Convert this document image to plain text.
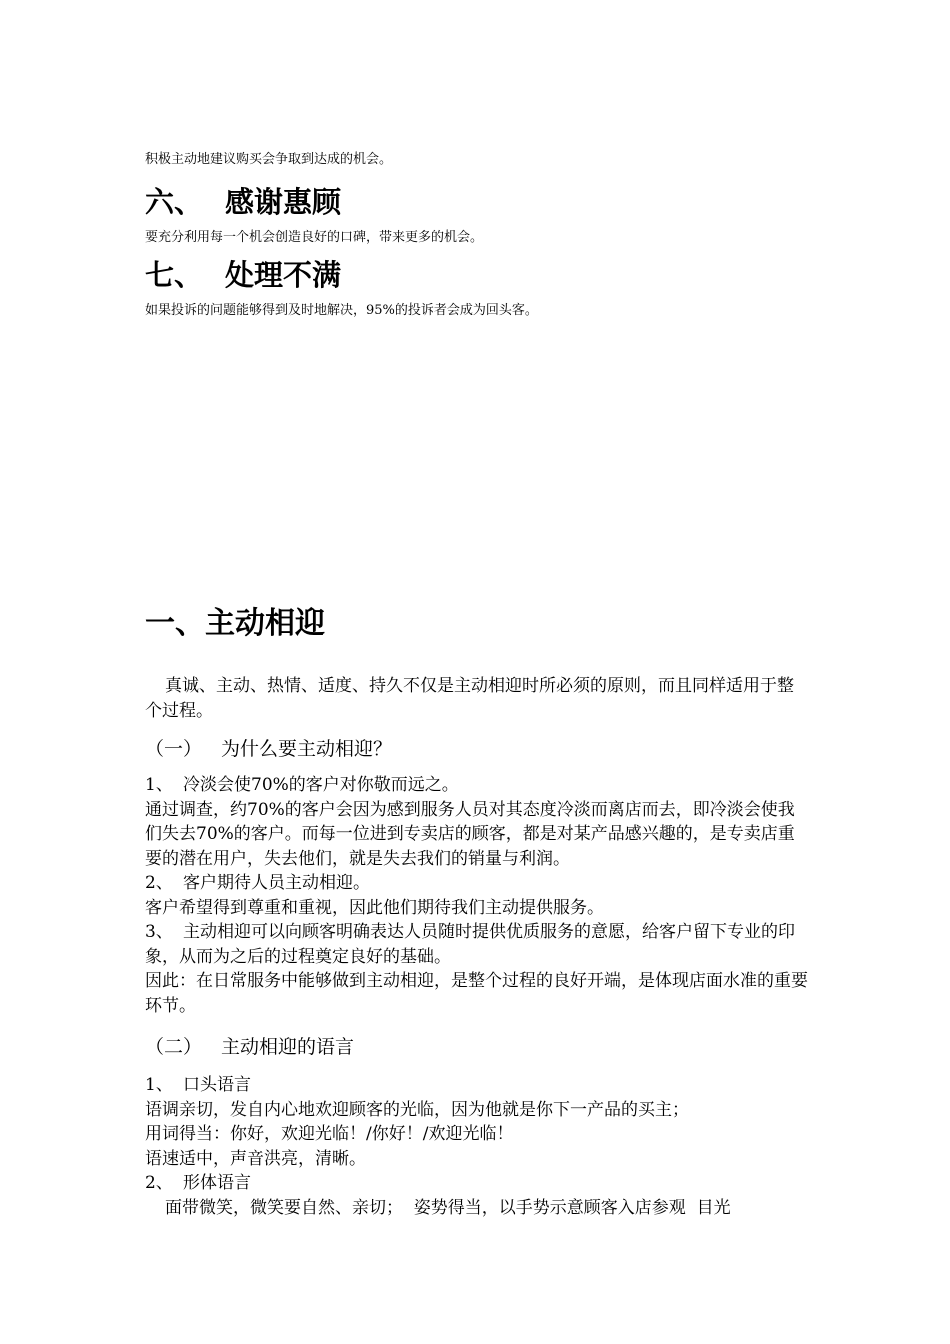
积极主动地建议购买会争取到达成的机会。

六、 感谢惠顾

要充分利用每一个机会创造良好的口碑，带来更多的机会。

七、 处理不满

如果投诉的问题能够得到及时地解决，95%的投诉者会成为回头客。

一、主动相迎

真诚、主动、热情、适度、持久不仅是主动相迎时所必须的原则，而且同样适用于整个过程。

（一） 为什么要主动相迎？
1、 冷淡会使70%的客户对你敬而远之。
通过调查，约70%的客户会因为感到服务人员对其态度冷淡而离店而去，即冷淡会使我们失去70%的客户。而每一位进到专卖店的顾客，都是对某产品感兴趣的，是专卖店重要的潜在用户，失去他们，就是失去我们的销量与利润。
2、 客户期待人员主动相迎。
客户希望得到尊重和重视，因此他们期待我们主动提供服务。
3、 主动相迎可以向顾客明确表达人员随时提供优质服务的意愿，给客户留下专业的印象，从而为之后的过程奠定良好的基础。
因此：在日常服务中能够做到主动相迎，是整个过程的良好开端，是体现店面水准的重要环节。
（二） 主动相迎的语言
1、 口头语言
语调亲切，发自内心地欢迎顾客的光临，因为他就是你下一产品的买主；
用词得当：你好，欢迎光临！/你好！/欢迎光临！
语速适中，声音洪亮，清晰。
2、 形体语言
面带微笑，微笑要自然、亲切；  姿势得当，以手势示意顾客入店参观  目光
